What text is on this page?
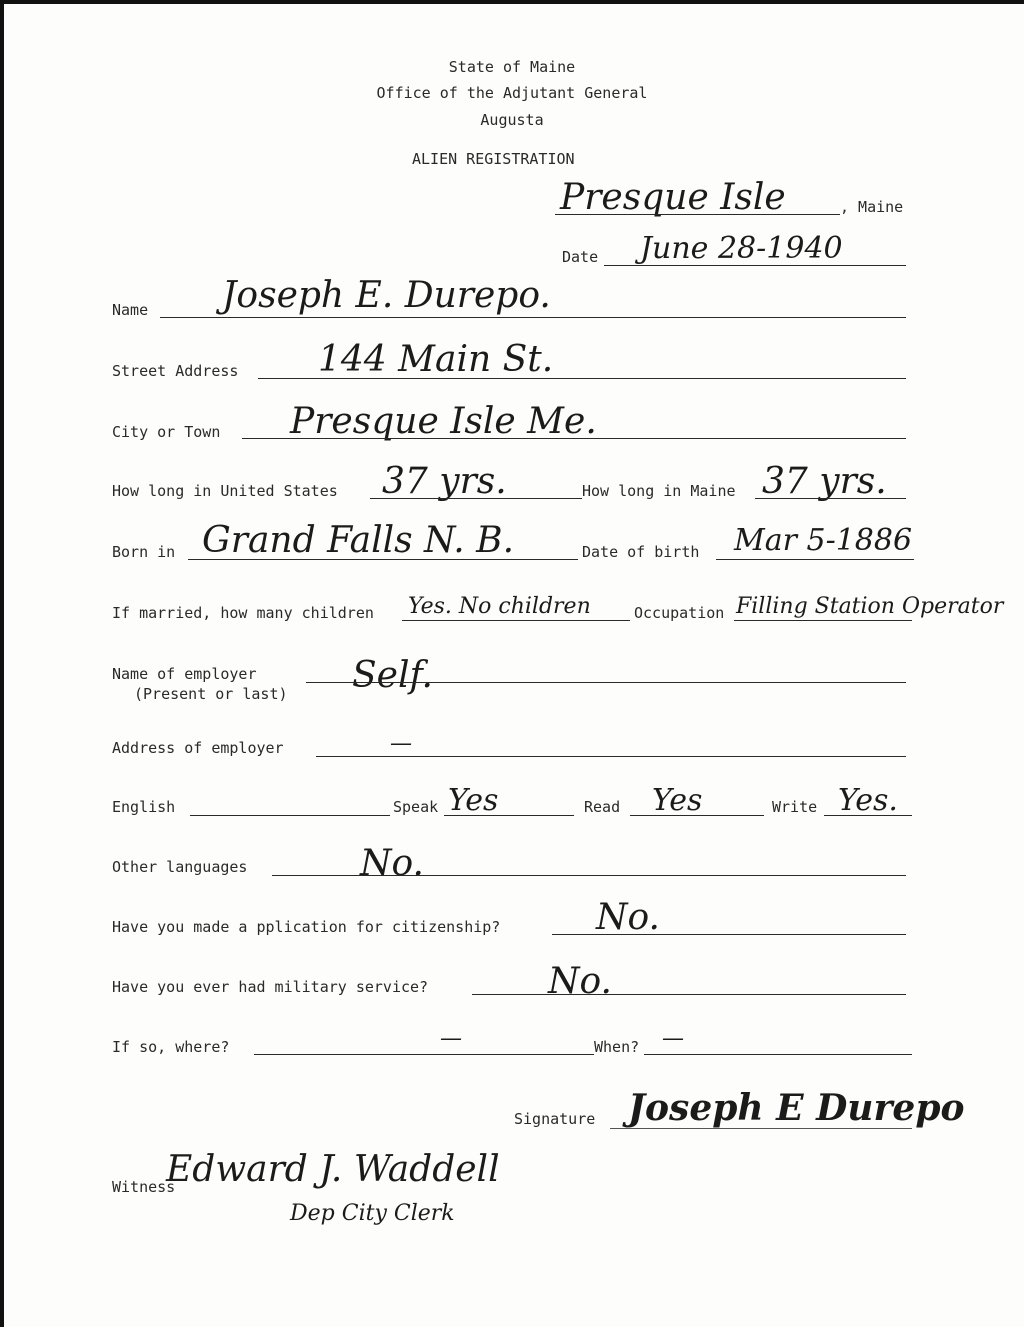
State of Maine
Office of the Adjutant General
Augusta
ALIEN REGISTRATION
Presque Isle	, Maine
Date June 28-1940
Name Joseph E. Durepo.
Street Address 144 Main St.
City or Town Presque Isle Me.
How long in United States 37 yrs.	How long in Maine 37 yrs.
Born in Grand Falls N. B.	Date of birth Mar 5-1886
If married, how many children Yes. No children	Occupation Filling Station Operator
Name of employer
(Present or last) Self.
Address of employer	—
English	Speak Yes	Read Yes	Write Yes.
Other languages	No.
Have you made a pplication for citizenship?	No.
Have you ever had military service?	No.
If so, where?	—	When? —
Signature Joseph E Durepo
Witness
Edward J. Waddell
Dep City Clerk
